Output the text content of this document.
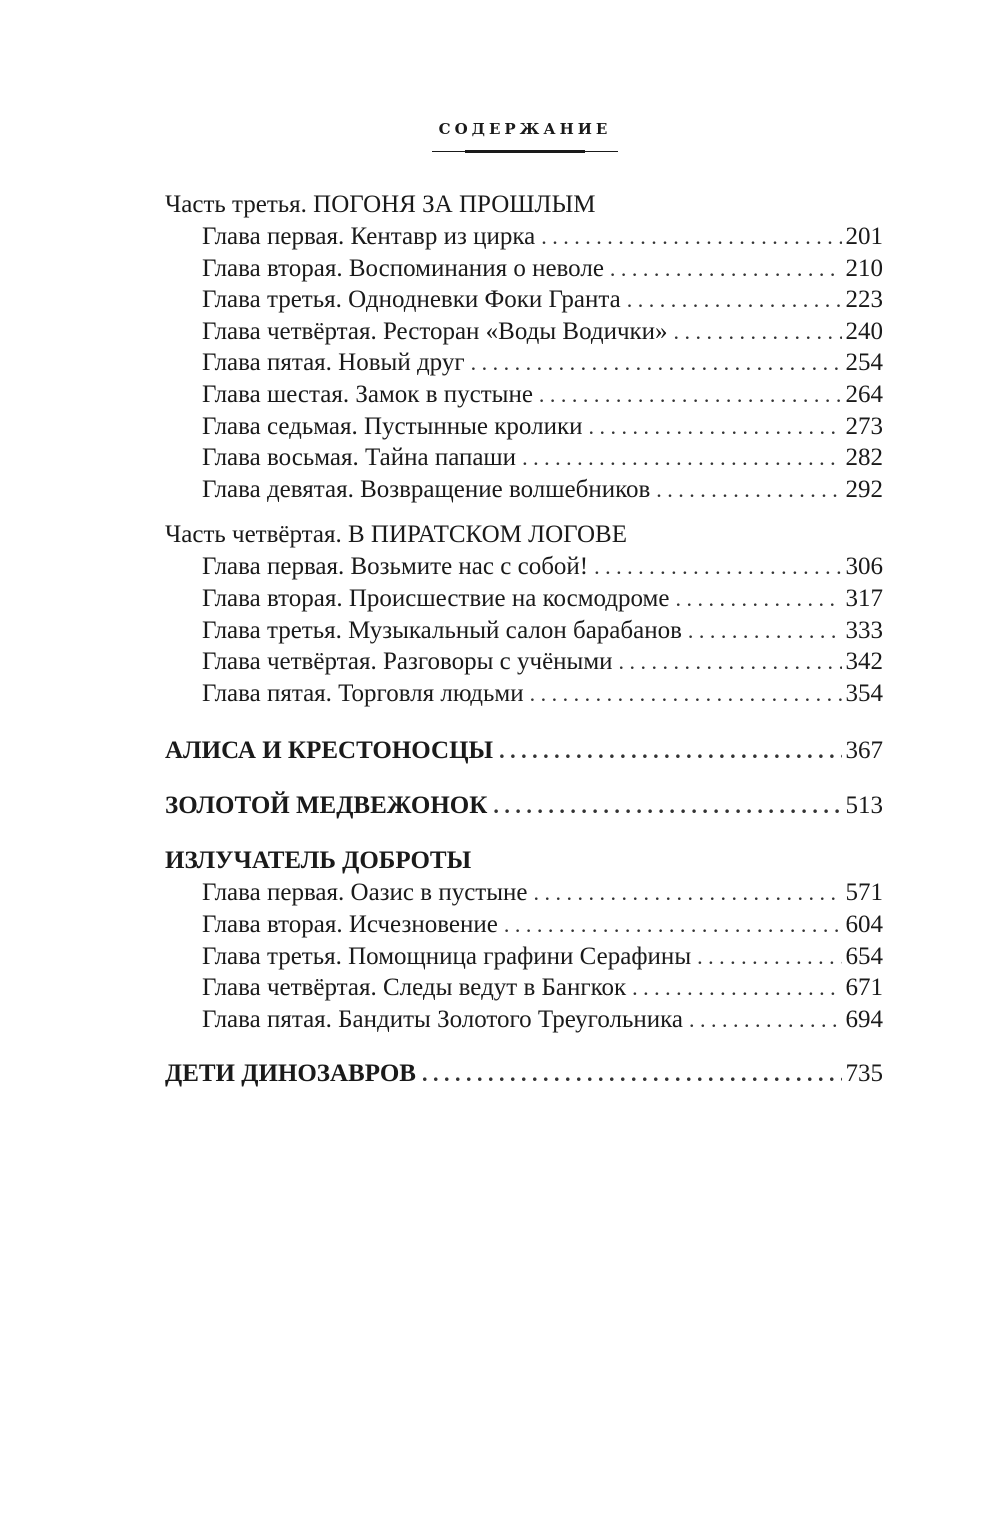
СОДЕРЖАНИЕ
Часть третья. ПОГОНЯ ЗА ПРОШЛЫМ
Глава первая. Кентавр из цирка . . .	201
Глава вторая. Воспоминания о неволе . . .	210
Глава третья. Однодневки Фоки Гранта . . .	223
Глава четвёртая. Ресторан «Воды Водички» . . .	240
Глава пятая. Новый друг . . .	254
Глава шестая. Замок в пустыне . . .	264
Глава седьмая. Пустынные кролики . . .	273
Глава восьмая. Тайна папаши . . .	282
Глава девятая. Возвращение волшебников . . .	292
Часть четвёртая. В ПИРАТСКОМ ЛОГОВЕ
Глава первая. Возьмите нас с собой! . . .	306
Глава вторая. Происшествие на космодроме . . .	317
Глава третья. Музыкальный салон барабанов . . .	333
Глава четвёртая. Разговоры с учёными . . .	342
Глава пятая. Торговля людьми . . .	354
АЛИСА И КРЕСТОНОСЦЫ . . .	367
ЗОЛОТОЙ МЕДВЕЖОНОК . . .	513
ИЗЛУЧАТЕЛЬ ДОБРОТЫ
Глава первая. Оазис в пустыне . . .	571
Глава вторая. Исчезновение . . .	604
Глава третья. Помощница графини Серафины . . .	654
Глава четвёртая. Следы ведут в Бангкок . . .	671
Глава пятая. Бандиты Золотого Треугольника . . .	694
ДЕТИ ДИНОЗАВРОВ . . .	735
